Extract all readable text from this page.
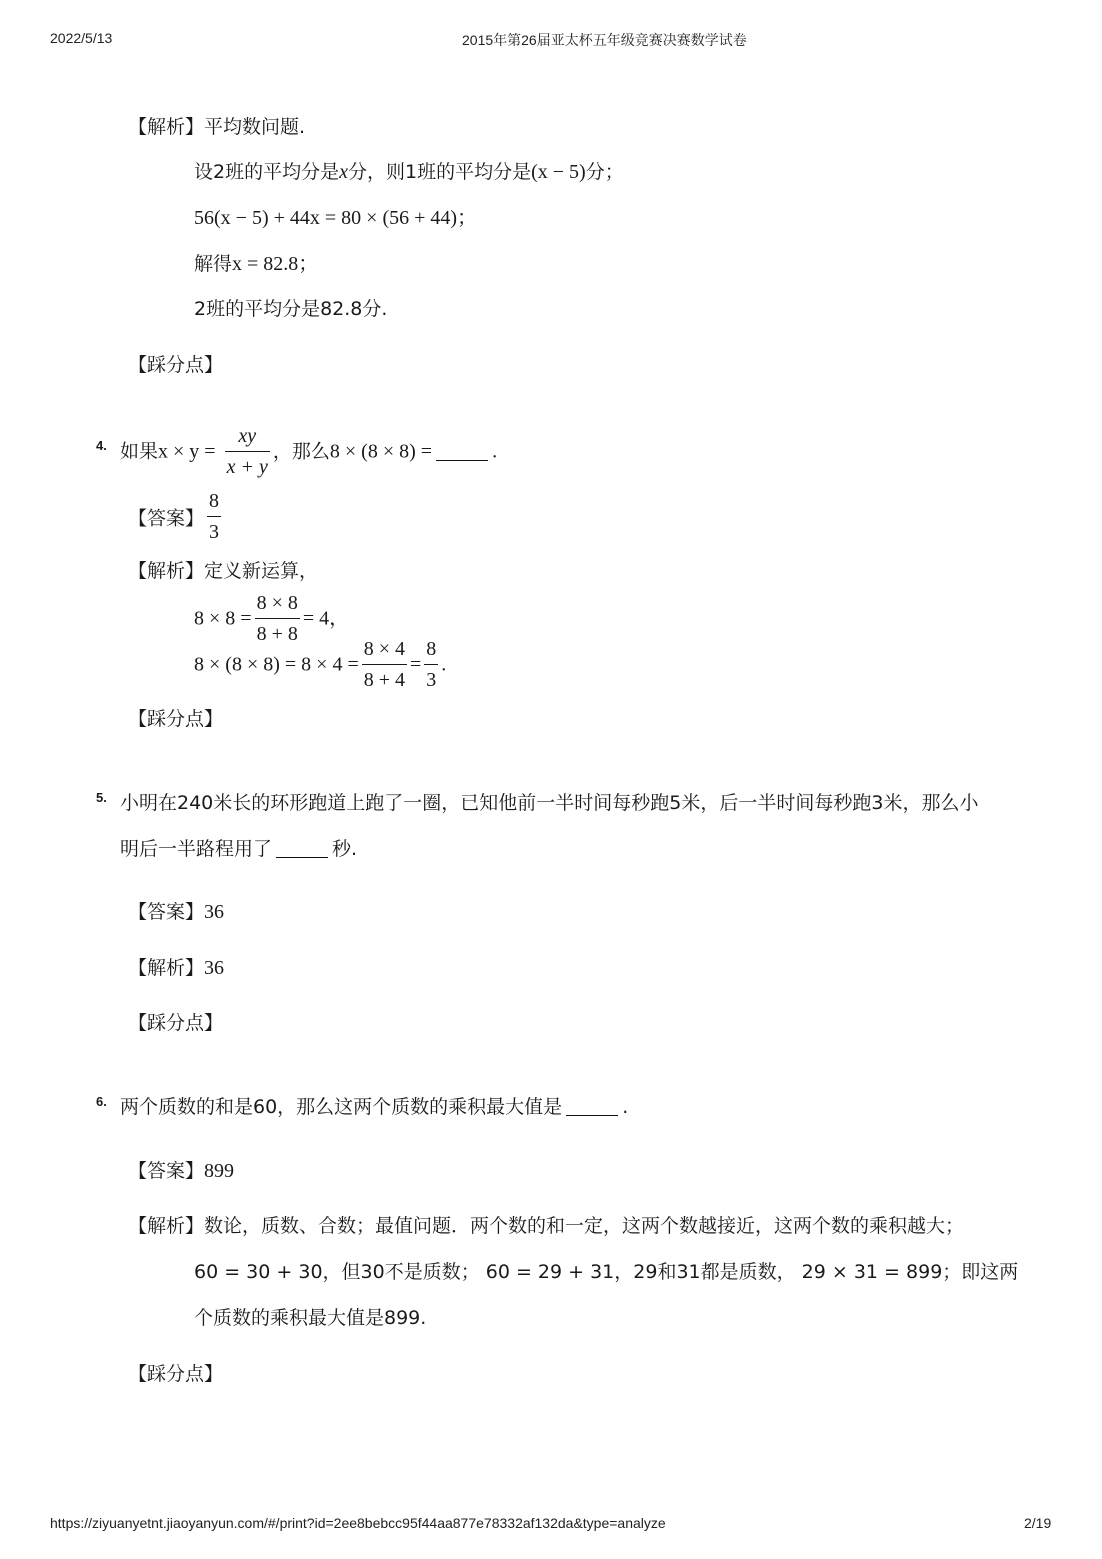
2022/5/13	2015年第26届亚太杯五年级竞赛决赛数学试卷
【解析】平均数问题.
设2班的平均分是x分，则1班的平均分是(x − 5)分；
56(x − 5) + 44x = 80 × (56 + 44)；
解得x = 82.8；
2班的平均分是82.8分.
【踩分点】
4. 如果$x \times y = \frac{xy}{x + y}$ ，那么8 × (8 × 8) =	.
【答案】 $\frac{8}{3}$
【解析】定义新运算，
$8 \times 8 = \frac{8 \times 8}{8 + 8} = 4$，
$8 \times (8 \times 8) = 8 \times 4 = \frac{8 \times 4}{8 + 4} = \frac{8}{3}$ .
【踩分点】
5. 小明在240米长的环形跑道上跑了一圈，已知他前一半时间每秒跑5米，后一半时间每秒跑3米，那么小
明后一半路程用了	秒.
【答案】36
【解析】36
【踩分点】
6. 两个质数的和是60，那么这两个质数的乘积最大值是	.
【答案】899
【解析】数论，质数、合数；最值问题．两个数的和一定，这两个数越接近，这两个数的乘积越大；
60 = 30 + 30，但30不是质数； 60 = 29 + 31，29和31都是质数， 29 × 31 = 899；即这两
个质数的乘积最大值是899.
【踩分点】
https://ziyuanyetnt.jiaoyanyun.com/#/print?id=2ee8bebcc95f44aa877e78332af132da&type=analyze	2/19
